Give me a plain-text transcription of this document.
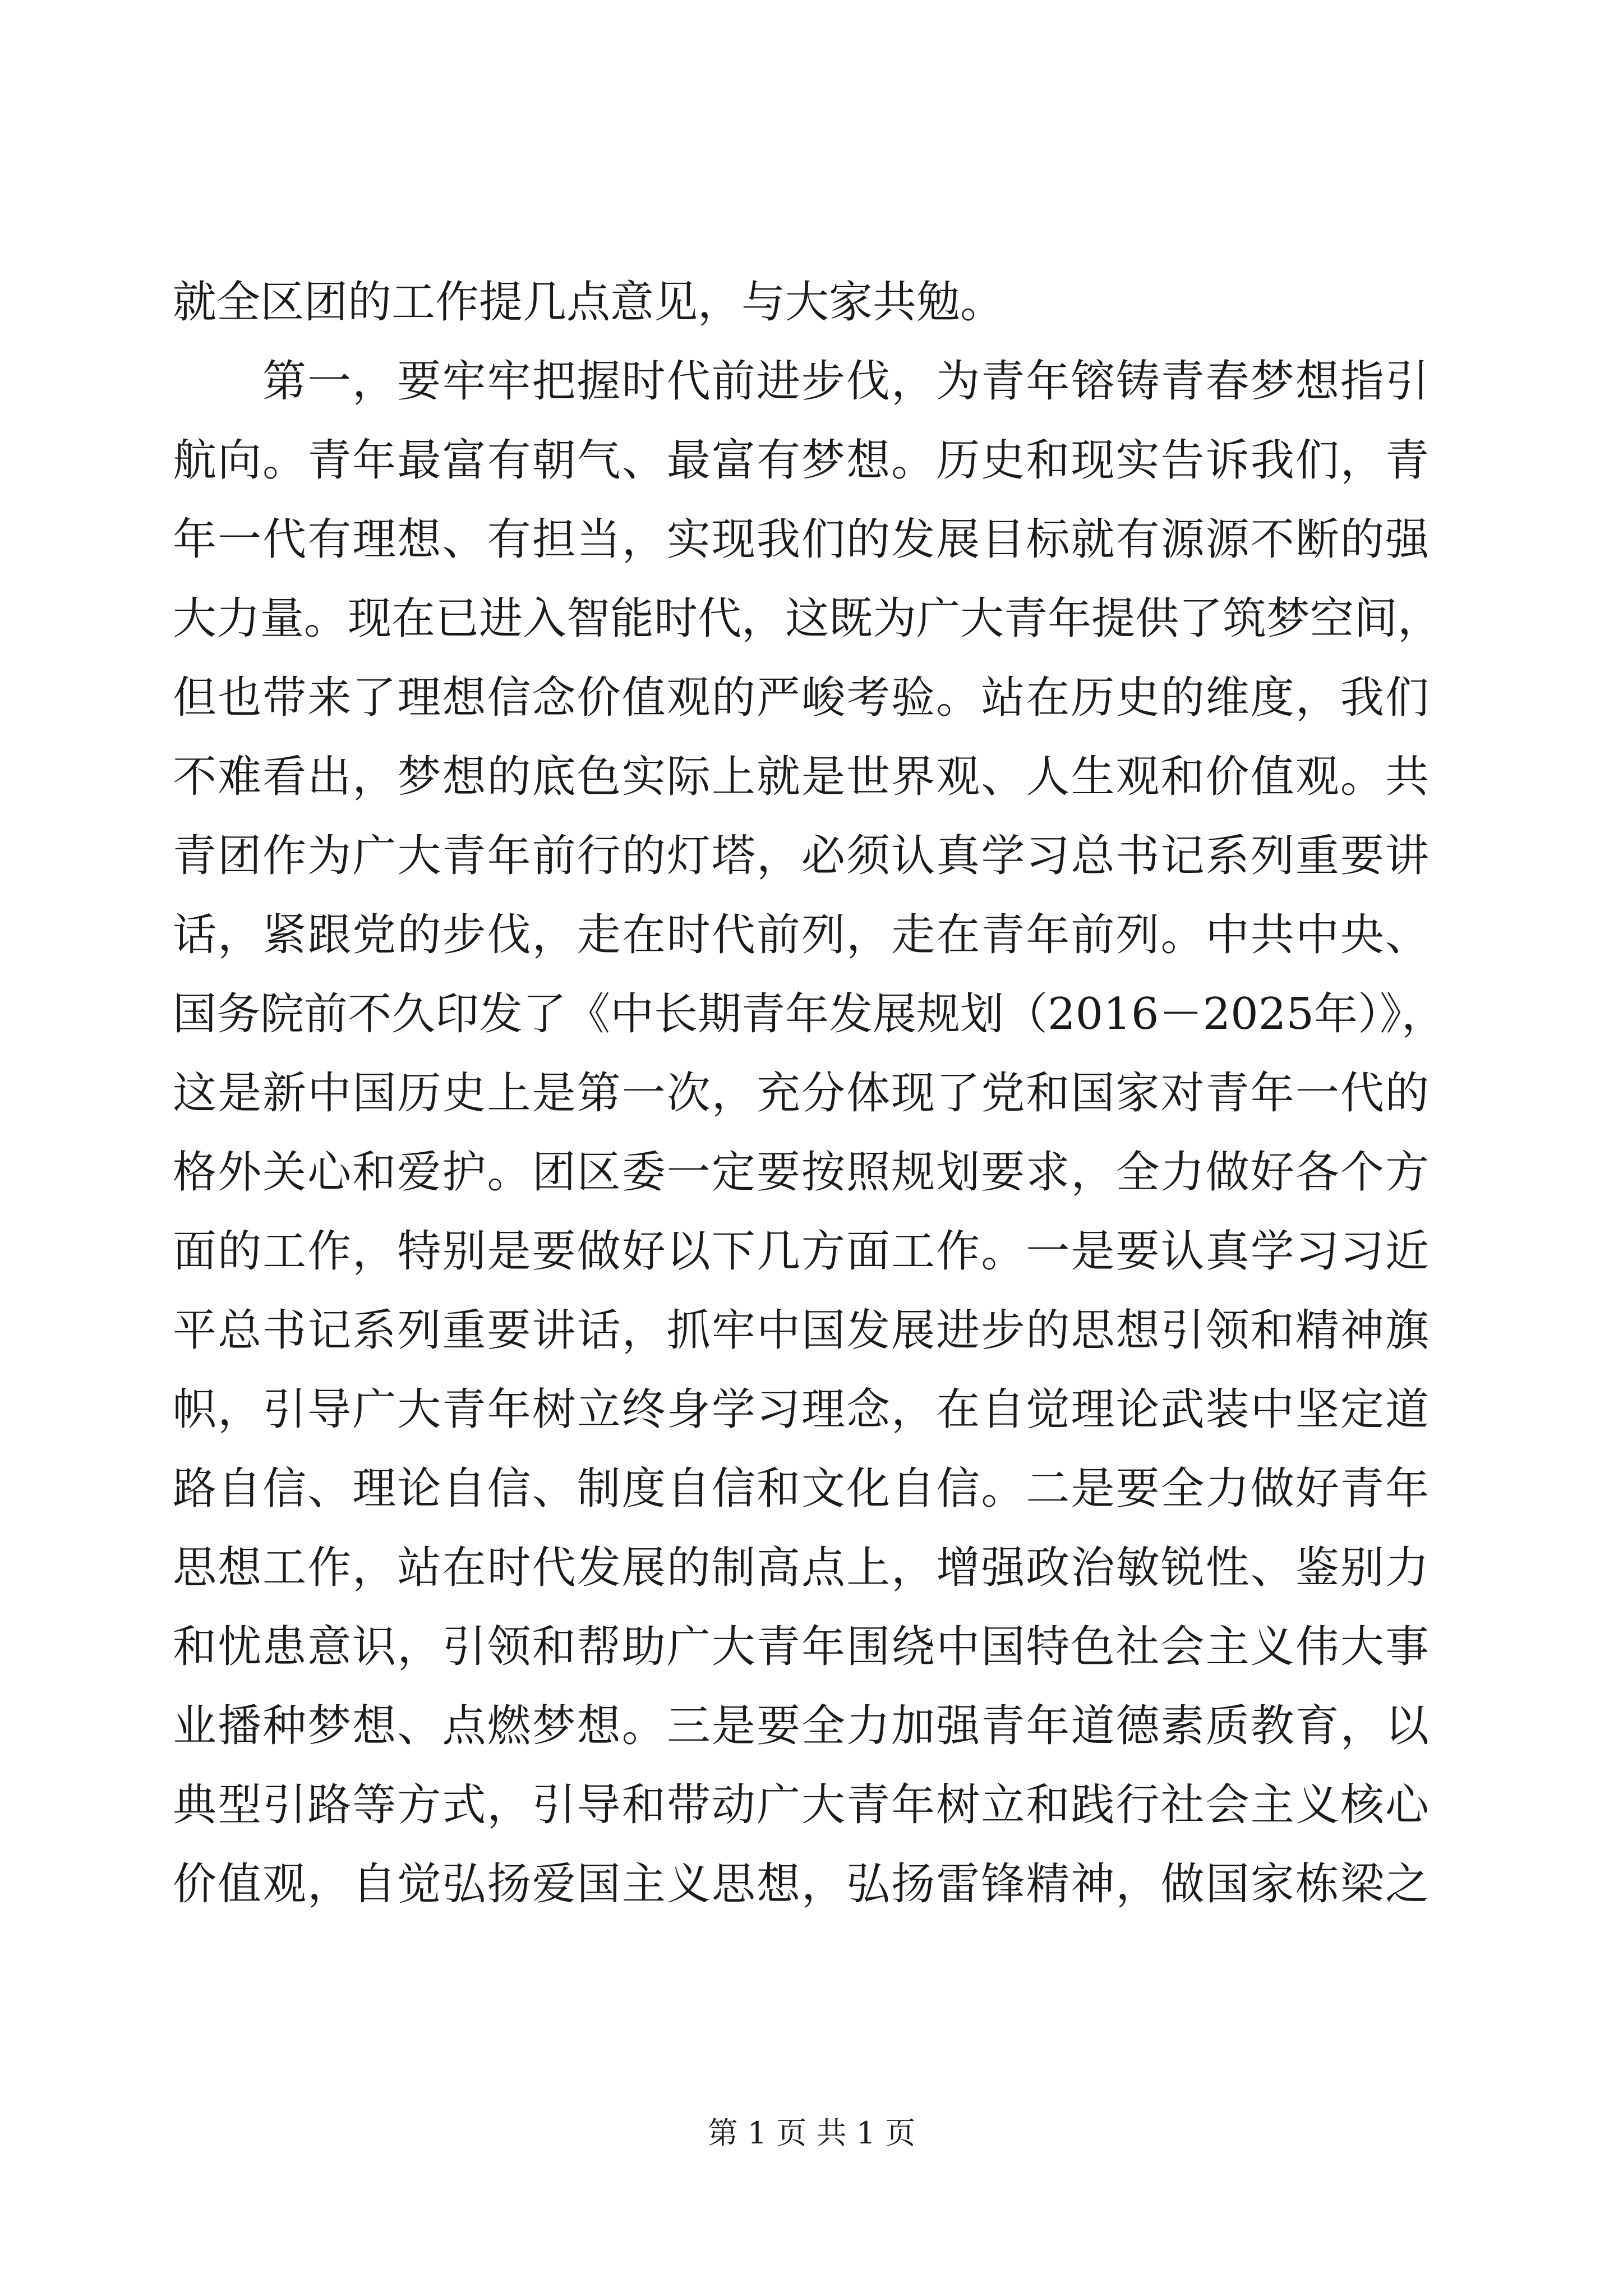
就全区团的工作提几点意见，与大家共勉。
第一，要牢牢把握时代前进步伐，为青年镕铸青春梦想指引
航向。青年最富有朝气、最富有梦想。历史和现实告诉我们，青
年一代有理想、有担当，实现我们的发展目标就有源源不断的强
大力量。现在已进入智能时代，这既为广大青年提供了筑梦空间，
但也带来了理想信念价值观的严峻考验。站在历史的维度，我们
不难看出，梦想的底色实际上就是世界观、人生观和价值观。共
青团作为广大青年前行的灯塔，必须认真学习总书记系列重要讲
话，紧跟党的步伐，走在时代前列，走在青年前列。中共中央、
国务院前不久印发了《中长期青年发展规划（2016－2025年）》，
这是新中国历史上是第一次，充分体现了党和国家对青年一代的
格外关心和爱护。团区委一定要按照规划要求，全力做好各个方
面的工作，特别是要做好以下几方面工作。一是要认真学习习近
平总书记系列重要讲话，抓牢中国发展进步的思想引领和精神旗
帜，引导广大青年树立终身学习理念，在自觉理论武装中坚定道
路自信、理论自信、制度自信和文化自信。二是要全力做好青年
思想工作，站在时代发展的制高点上，增强政治敏锐性、鉴别力
和忧患意识，引领和帮助广大青年围绕中国特色社会主义伟大事
业播种梦想、点燃梦想。三是要全力加强青年道德素质教育，以
典型引路等方式，引导和带动广大青年树立和践行社会主义核心
价值观，自觉弘扬爱国主义思想，弘扬雷锋精神，做国家栋梁之
第 1 页 共 1 页
